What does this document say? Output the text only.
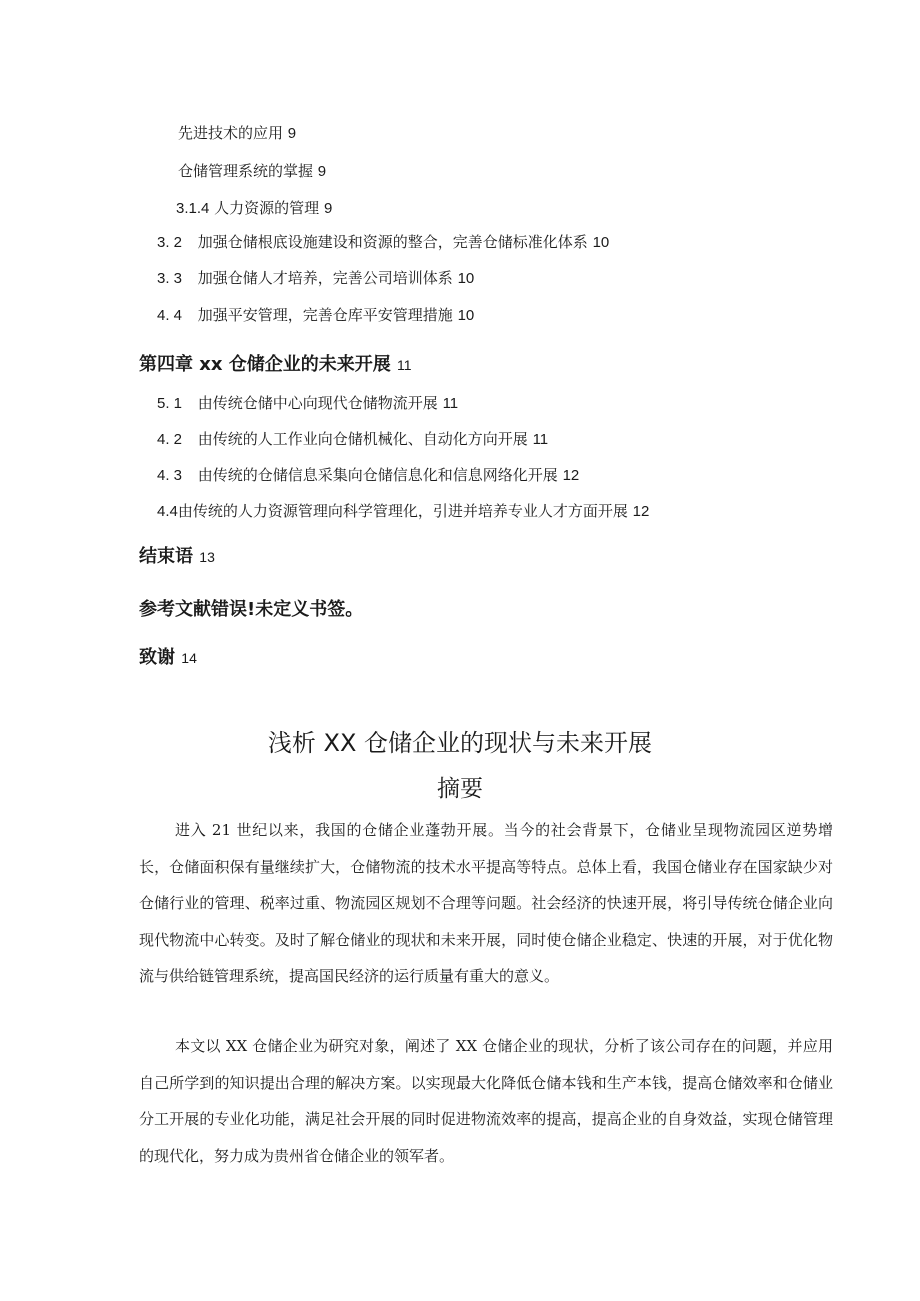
先进技术的应用 9
仓储管理系统的掌握 9
3.1.4 人力资源的管理 9
3. 2 加强仓储根底设施建设和资源的整合，完善仓储标准化体系 10
3. 3 加强仓储人才培养，完善公司培训体系 10
4. 4 加强平安管理，完善仓库平安管理措施 10
第四章 xx 仓储企业的未来开展 11
5. 1 由传统仓储中心向现代仓储物流开展 11
4. 2 由传统的人工作业向仓储机械化、自动化方向开展 11
4. 3 由传统的仓储信息采集向仓储信息化和信息网络化开展 12
4.4由传统的人力资源管理向科学管理化，引进并培养专业人才方面开展 12
结束语 13
参考文献错误!未定义书签。
致谢 14
浅析 XX 仓储企业的现状与未来开展
摘要

进入 21 世纪以来，我国的仓储企业蓬勃开展。当今的社会背景下，仓储业呈现物流园区逆势增长，仓储面积保有量继续扩大，仓储物流的技术水平提高等特点。总体上看，我国仓储业存在国家缺少对仓储行业的管理、税率过重、物流园区规划不合理等问题。社会经济的快速开展，将引导传统仓储企业向现代物流中心转变。及时了解仓储业的现状和未来开展，同时使仓储企业稳定、快速的开展，对于优化物流与供给链管理系统，提高国民经济的运行质量有重大的意义。

本文以 XX 仓储企业为研究对象，阐述了 XX 仓储企业的现状，分析了该公司存在的问题，并应用自己所学到的知识提出合理的解决方案。以实现最大化降低仓储本钱和生产本钱，提高仓储效率和仓储业分工开展的专业化功能，满足社会开展的同时促进物流效率的提高，提高企业的自身效益，实现仓储管理的现代化，努力成为贵州省仓储企业的领军者。
